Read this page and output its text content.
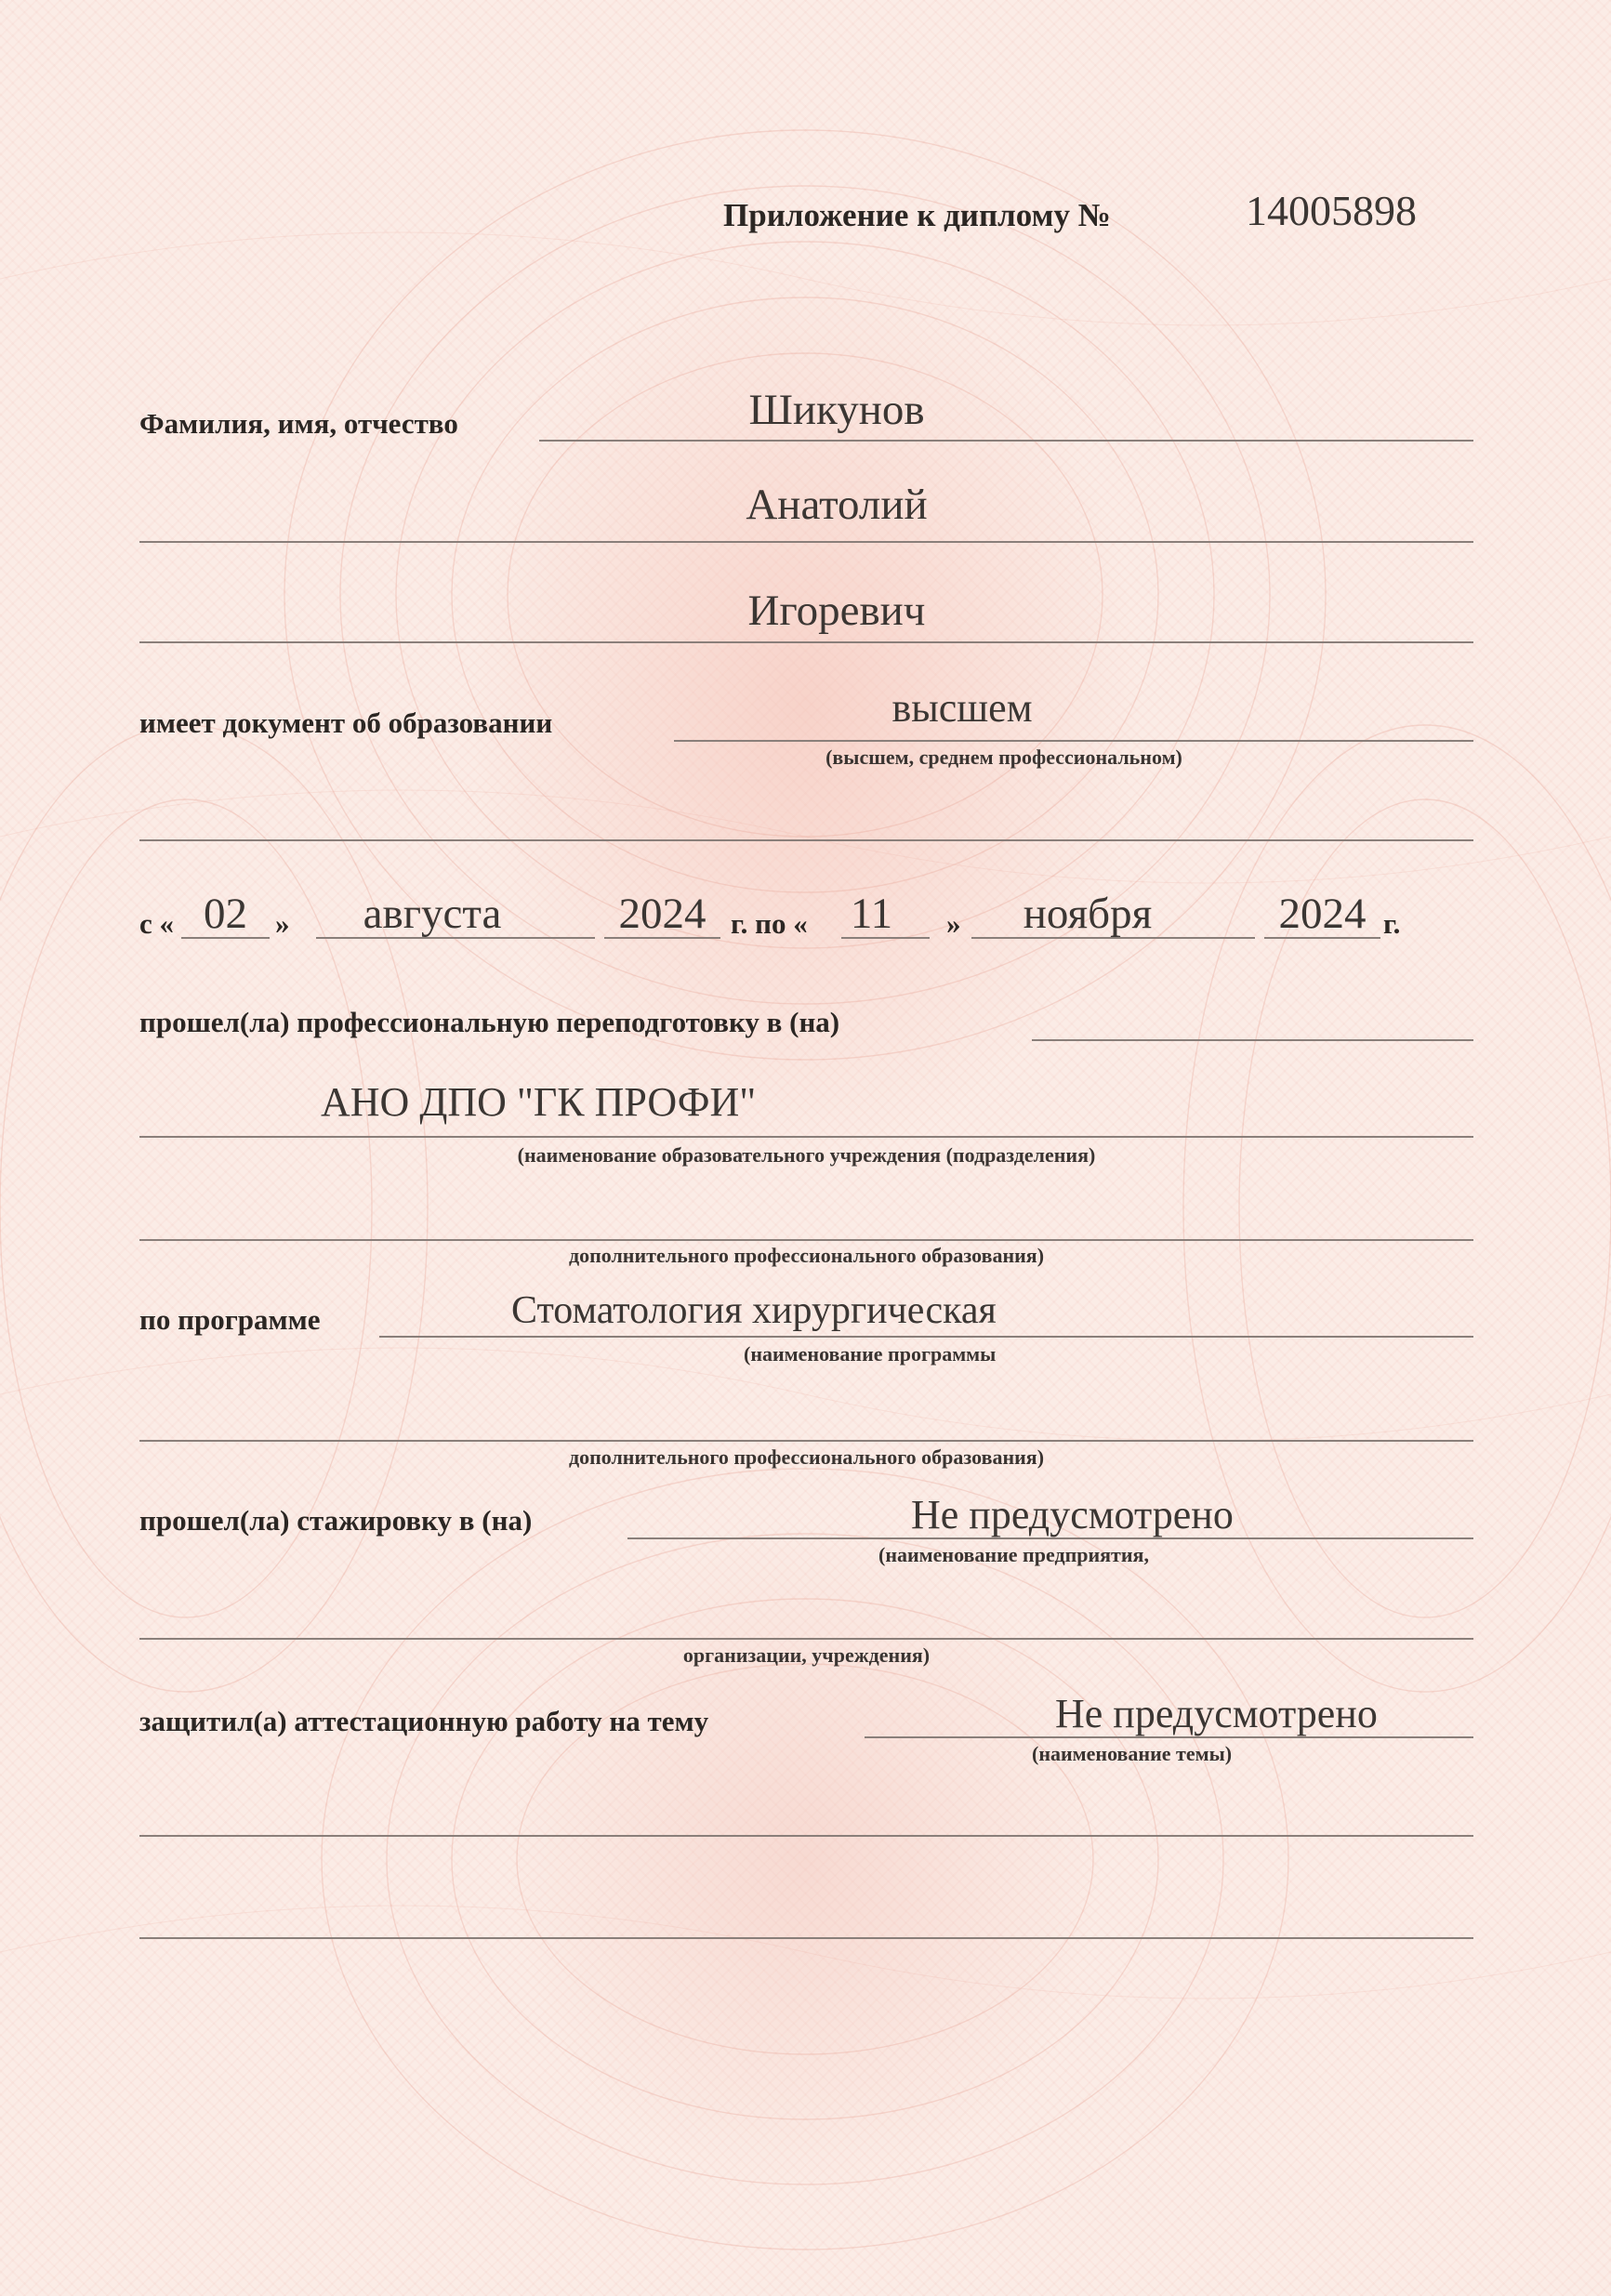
Приложение к диплому №	14005898
Фамилия, имя, отчество	Шикунов
Анатолий
Игоревич
имеет документ об образовании	высшем
(высшем, среднем профессиональном)
с « 02 »	августа	2024 г. по « 11	»	ноября	2024 г.
прошел(ла) профессиональную переподготовку в (на)
АНО ДПО "ГК ПРОФИ"
(наименование образовательного учреждения (подразделения)
дополнительного профессионального образования)
по программе	Стоматология хирургическая
(наименование программы
дополнительного профессионального образования)
прошел(ла) стажировку в (на)	Не предусмотрено
(наименование предприятия,
организации, учреждения)
защитил(а) аттестационную работу на тему	Не предусмотрено
(наименование темы)
